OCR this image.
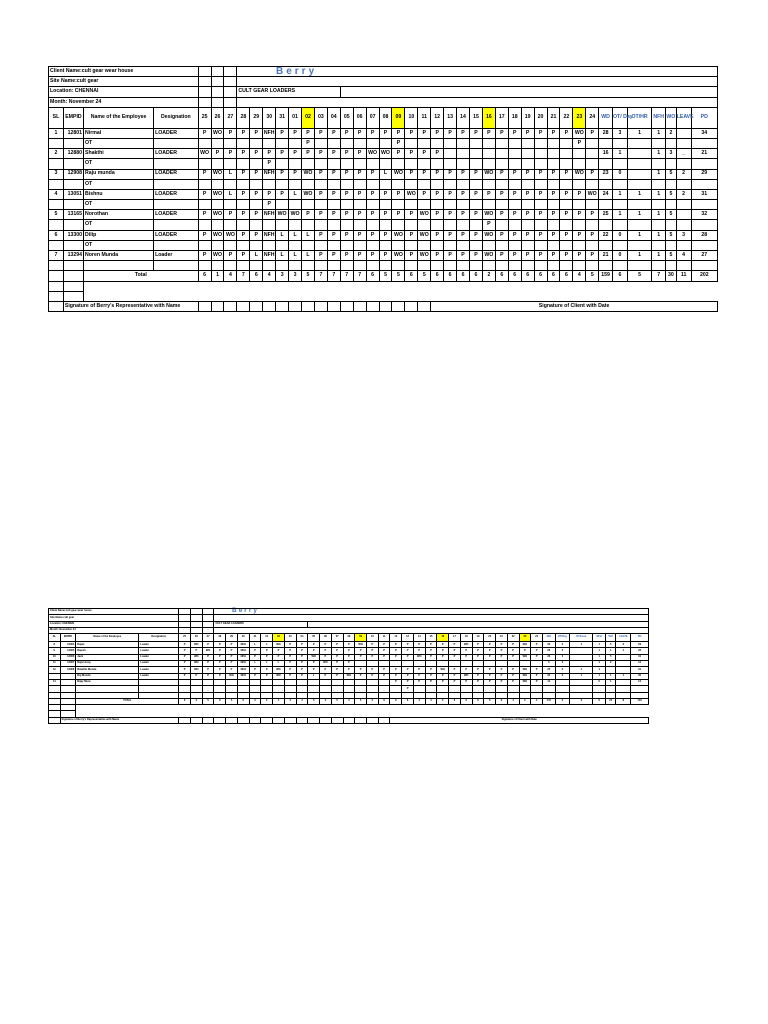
Berry
Client Name:cult gear wear house																																									
Site Name:cult gear																																									
Location: CHENNAI							CULT GEAR LOADERS																																		
Month: November 24																																									
SL	EMPID	Name of the Employee	Designation	25	26	27	28	29	30	31	01	02	03	04	05	06	07	08	09	10	11	12	13	14	15	16	17	18	19	20	21	22	23	24	WD	OT/ Day	OT/HR	NFH	WO	LEAVE	PD
1	12801	Nirmal	LOADER	P	WO	P	P	P	NFH	P	P	P	P	P	P	P	P	P	P	P	P	P	P	P	P	P	P	P	P	P	P	P	WO	P	28	3	1	1	2		34
		OT										P							P														P								
2	12880	Shakthi	LOADER	WO	P	P	P	P	P	P	P	P	P	P	P	P	WO	WO	P	P	P	P													16	1		1	3	_	21
		OT							P																																
3	12908	Raju munda	LOADER	P	WO	L	P	P	NFH	P	P	WO	P	P	P	P	P	L	WO	P	P	P	P	P	P	WO	P	P	P	P	P	P	WO	P	23	0		1	5	2	29
		OT																																							
4	13051	Bishnu	LOADER	P	WO	L	P	P	P	P	L	WO	P	P	P	P	P	P	P	WO	P	P	P	P	P	P	P	P	P	P	P	P	P	WO	24	1	1	1	5	2	31
		OT							P																																
5	13165	Norothan	LOADER	P	WO	P	P	P	NFH	WO	WO	P	P	P	P	P	P	P	P	P	WO	P	P	P	P	WO	P	P	P	P	P	P	P	P	25	1	1	1	5		32
		OT																								P															
6	13300	Dilip	LOADER	P	WO	WO	P	P	NFH	L	L	L	P	P	P	P	P	P	WO	P	WO	P	P	P	P	WO	P	P	P	P	P	P	P	P	22	0	1	1	5	3	28
		OT																																							
7	13294	Noren Munda	Loader	P	WO	P	P	L	NFH	L	L	L	P	P	P	P	P	P	WO	P	WO	P	P	P	P	WO	P	P	P	P	P	P	P	P	21	0	1	1	5	4	27

		Total		6	1	4	7	6	4	3	3	5	7	7	7	7	6	5	5	6	5	6	6	6	6	2	6	6	6	6	6	6	4	5	159	6	5	7	30	11	202

	Signature of Berry's Representative with Name																					Signature of Client with Date																			
Berry
Client Name:cult gear wear house																																									
Site Name:cult gear																																									
Location: CHENNAI							CULT GEAR LOADERS																																		
Month: November 24																																									
SL	EMPID	Name of the Employee	Designation	25	26	27	28	29	30	31	01	02	03	04	05	06	07	08	09	10	11	12	13	14	15	16	17	18	19	20	21	22	23	24	WD	OT/Day	OT/Hour	NFH	WO	LEAVE	PD
8	13304	Rajan	Loader	P	WO	P	P	P	NFH	L	L	WO	P	P	P	P	P	P	WO	P	P	P	P	P	P	P	P	WO	P	P	P	P	WO	P	22	0	1	1	5	3	29
9	13305	Rajesh	Loader	P	P	WO	P	P	NFH	P	P	P	P	P	P	P	P	P	P	P	P	P	P	P	P	P	P	P	P	P	P	P	P	P	26	0		1	1	1	32
10	13306	Jack	Loader	P	WO	P	P	P	NFH	P	P	P	P	P	WO	P	P	P	P	P	P	P	P	WO	P	P	P	P	P	P	P	P	WO	P	23	0		1	5		31
11	13307	Raja Uraoy	Loader	P	WO	P	P	P	NFH	L	L	L	P	P	P	WO	P	P																	5	0		1	2		12
12	13308	Rawhlin Munda	Loader	P	WO	P	P	P	NFH	P	P	WO	P	P	P	P	P	P	P	P	P	P	P	P	P	WO	P	P	P	P	P	P	WO	P	25	0	1	1			31
		Raj Munda	Loader	P	P	P	P	WO	NFH	P	P	WO	P	P	L	P	P	WO	P	P	P	P	P	P	P	P	P	WO	P	P	P	P	WO	P	24	0	1	1	1	1	30
14		Bijay Mura																				P	P	P	P	P	P	P	P	P	P	P	WO	P	11			0	1		12
																							P																		

		TOTAL		6	2	5	6	5	5	3	2	4	3	4	5	5	5	4	5	5	6	6	6	4	4	5	6	6	6	6	6	4	2	4	147	2	3	6	24	8	179

	Signature of Berry's Representative with Name																					Signature of Client with Date																			
